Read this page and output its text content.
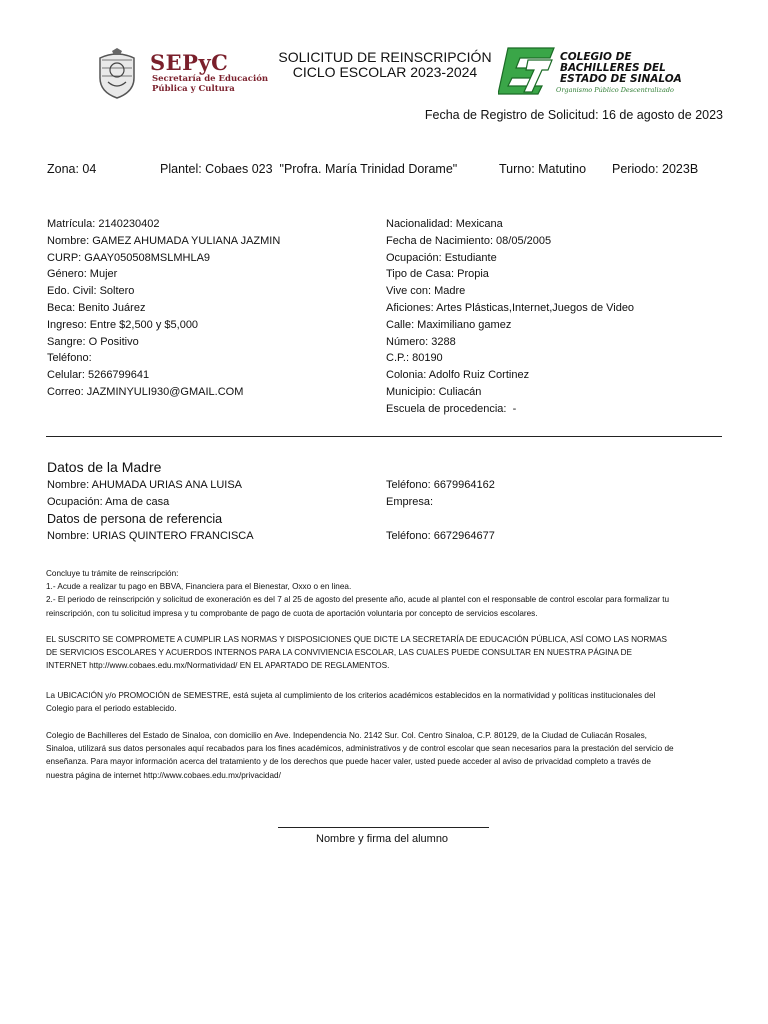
SEPyC
Secretaría de Educación
Pública y Cultura
SOLICITUD DE REINSCRIPCIÓN
CICLO ESCOLAR 2023-2024
COLEGIO DE
BACHILLERES DEL
ESTADO DE SINALOA
Organismo Público Descentralizado
Fecha de Registro de Solicitud: 16 de agosto de 2023
Zona: 04	Plantel: Cobaes 023  "Profra. María Trinidad Dorame"	Turno: Matutino Periodo: 2023B
Matrícula: 2140230402
Nombre: GAMEZ AHUMADA YULIANA JAZMIN
CURP: GAAY050508MSLMHLA9
Género: Mujer
Edo. Civil: Soltero
Beca: Benito Juárez
Ingreso: Entre $2,500 y $5,000
Sangre: O Positivo
Teléfono:
Celular: 5266799641
Correo: JAZMINYULI930@GMAIL.COM
Nacionalidad: Mexicana
Fecha de Nacimiento: 08/05/2005
Ocupación: Estudiante
Tipo de Casa: Propia
Vive con: Madre
Aficiones: Artes Plásticas,Internet,Juegos de Video
Calle: Maximiliano gamez
Número: 3288
C.P.: 80190
Colonia: Adolfo Ruiz Cortinez
Municipio: Culiacán
Escuela de procedencia:  -
Datos de la Madre
Nombre: AHUMADA URIAS ANA LUISA	Teléfono: 6679964162
Ocupación: Ama de casa	Empresa:
Datos de persona de referencia
Nombre: URIAS QUINTERO FRANCISCA	Teléfono: 6672964677

Concluye tu trámite de reinscripción:

1.- Acude a realizar tu pago en BBVA, Financiera para el Bienestar, Oxxo o en linea.

2.- El periodo de reinscripción y solicitud de exoneración es del 7 al 25 de agosto del presente año, acude al plantel con el responsable de control escolar para formalizar tu

reinscripción, con tu solicitud impresa y tu comprobante de pago de cuota de aportación voluntaria por concepto de servicios escolares.

EL SUSCRITO SE COMPROMETE A CUMPLIR LAS NORMAS Y DISPOSICIONES QUE DICTE LA SECRETARÍA DE EDUCACIÓN PÚBLICA, ASÍ COMO LAS NORMAS

DE SERVICIOS ESCOLARES Y ACUERDOS INTERNOS PARA LA CONVIVIENCIA ESCOLAR, LAS CUALES PUEDE CONSULTAR EN NUESTRA PÁGINA DE

INTERNET http://www.cobaes.edu.mx/Normatividad/ EN EL APARTADO DE REGLAMENTOS.

La UBICACIÓN y/o PROMOCIÓN de SEMESTRE, está sujeta al cumplimiento de los criterios académicos establecidos en la normatividad y políticas institucionales del

Colegio para el periodo establecido.

Colegio de Bachilleres del Estado de Sinaloa, con domicilio en Ave. Independencia No. 2142 Sur. Col. Centro Sinaloa, C.P. 80129, de la Ciudad de Culiacán Rosales,

Sinaloa, utilizará sus datos personales aquí recabados para los fines académicos, administrativos y de control escolar que sean necesarios para la prestación del servicio de

enseñanza. Para mayor información acerca del tratamiento y de los derechos que puede hacer valer, usted puede acceder al aviso de privacidad completo a través de

nuestra página de internet http://www.cobaes.edu.mx/privacidad/

Nombre y firma del alumno
